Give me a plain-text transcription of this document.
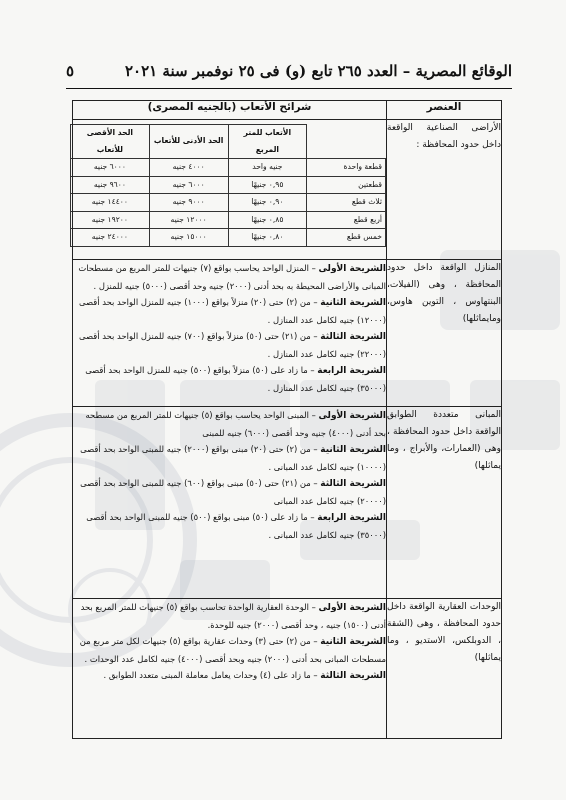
الوقائع المصرية – العدد ٢٦٥ تابع (و) فى ٢٥ نوفمبر سنة ٢٠٢١
٥
العنصر	شرائح الأتعاب (بالجنيه المصرى)
الأراضى الصناعية الواقعة داخل حدود المحافظة :	
	الأتعاب للمتر المربع	الحد الأدنى للأتعاب	الحد الأقصى للأتعاب
قطعة واحدة	جنيه واحد	٤٠٠٠ جنيه	٦٠٠٠ جنيه
قطعتين	٠,٩٥ جنيهًا	٦٠٠٠ جنيه	٩٦٠٠ جنيه
ثلاث قطع	٠,٩٠ جنيهًا	٩٠٠٠ جنيه	١٤٤٠٠ جنيه
أربع قطع	٠,٨٥ جنيهًا	١٢٠٠٠ جنيه	١٩٢٠٠ جنيه
خمس قطع	٠,٨٠ جنيهًا	١٥٠٠٠ جنيه	٢٤٠٠٠ جنيه

المنازل الواقعة داخل حدود المحافظة ، وهى (الفيلات، البنتهاوس ، التوين هاوس، ومايماثلها)	
الشريحة الأولى – المنزل الواحد يحاسب بواقع (٧) جنيهات للمتر المربع من مسطحات المبانى والأراضى المحيطة به بحد أدنى (٢٠٠٠) جنيه وحد أقصى (٥٠٠٠) جنيه للمنزل .
الشريحة الثانية – من (٢) حتى (٢٠) منزلاً بواقع (١٠٠٠) جنيه للمنزل الواحد بحد أقصى (١٢٠٠٠) جنيه لكامل عدد المنازل .
الشريحة الثالثة – من (٢١) حتى (٥٠) منزلاً بواقع (٧٠٠) جنيه للمنزل الواحد بحد أقصى (٢٢٠٠٠) جنيه لكامل عدد المنازل .
الشريحة الرابعة – ما زاد على (٥٠) منزلاً بواقع (٥٠٠) جنيه للمنزل الواحد بحد أقصى (٣٥٠٠٠) جنيه لكامل عدد المنازل .

المبانى متعددة الطوابق الواقعة داخل حدود المحافظة ، وهى (العمارات، والأبراج ، وما يماثلها)	
الشريحة الأولى – المبنى الواحد يحاسب بواقع (٥) جنيهات للمتر المربع من مسطحه بحد أدنى (٤٠٠٠) جنيه وحد أقصى (٦٠٠٠) جنيه للمبنى
الشريحة الثانية – من (٢) حتى (٢٠) مبنى بواقع (٢٠٠٠) جنيه للمبنى الواحد بحد أقصى (١٠٠٠٠) جنيه لكامل عدد المبانى .
الشريحة الثالثة – من (٢١) حتى (٥٠) مبنى بواقع (٦٠٠) جنيه للمبنى الواحد بحد أقصى (٢٠٠٠٠) جنيه لكامل عدد المبانى
الشريحة الرابعة – ما زاد على (٥٠) مبنى بواقع (٥٠٠) جنيه للمبنى الواحد بحد أقصى (٣٥٠٠٠) جنيه لكامل عدد المبانى .

الوحدات العقارية الواقعة داخل حدود المحافظة ، وهى (الشقة ، الدوبلكس، الاستديو ، وما يماثلها)	
الشريحة الأولى – الوحدة العقارية الواحدة تحاسب بواقع (٥) جنيهات للمتر المربع بحد أدنى (١٥٠٠) جنيه ، وحد أقصى (٢٠٠٠) جنيه للوحدة.
الشريحة الثانية – من (٢) حتى (٣) وحدات عقارية بواقع (٥) جنيهات لكل متر مربع من مسطحات المبانى بحد أدنى (٢٠٠٠) جنيه وبحد أقصى (٤٠٠٠) جنيه لكامل عدد الوحدات .
الشريحة الثالثة – ما زاد على (٤) وحدات يعامل معاملة المبنى متعدد الطوابق .
